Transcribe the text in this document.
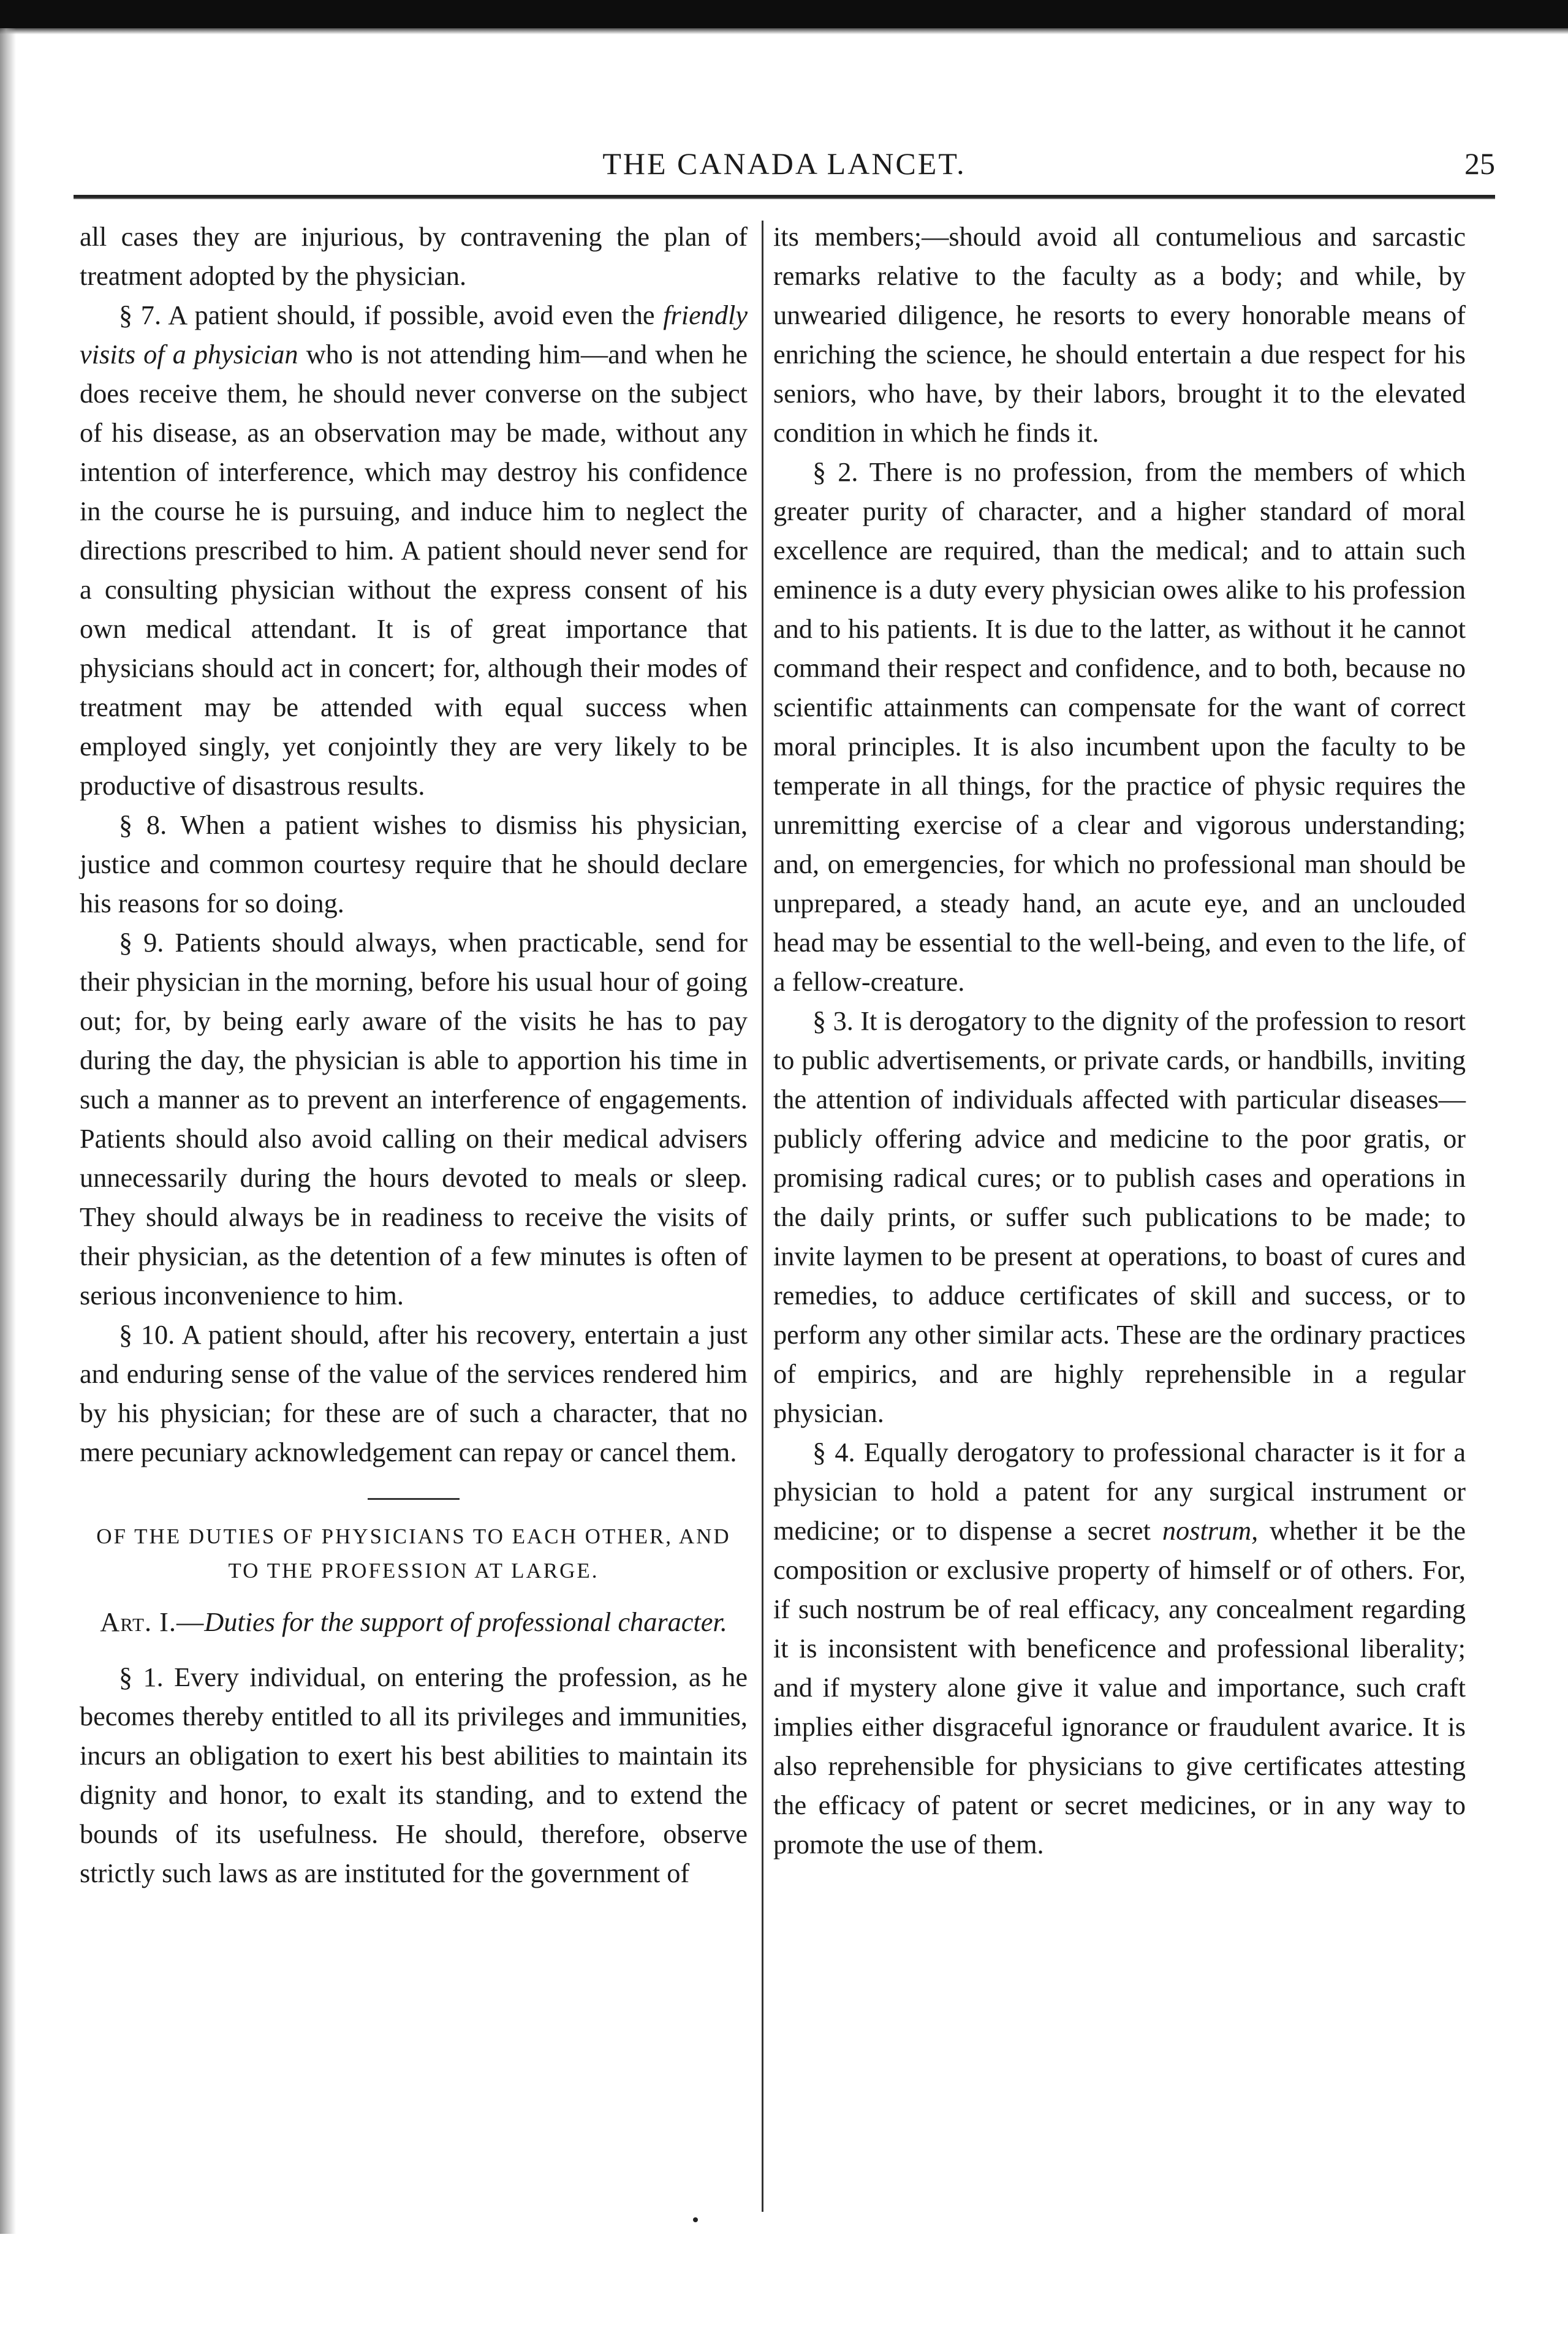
THE CANADA LANCET.	25

all cases they are injurious, by contravening the plan of treatment adopted by the physician.

§ 7. A patient should, if possible, avoid even the friendly visits of a physician who is not attending him—and when he does receive them, he should never converse on the subject of his disease, as an observation may be made, without any intention of interference, which may destroy his confidence in the course he is pursuing, and induce him to neglect the directions prescribed to him. A patient should never send for a consulting physician without the express consent of his own medical attendant. It is of great importance that physicians should act in concert; for, although their modes of treatment may be attended with equal success when employed singly, yet conjointly they are very likely to be productive of disastrous results.

§ 8. When a patient wishes to dismiss his physician, justice and common courtesy require that he should declare his reasons for so doing.

§ 9. Patients should always, when practicable, send for their physician in the morning, before his usual hour of going out; for, by being early aware of the visits he has to pay during the day, the physician is able to apportion his time in such a manner as to prevent an interference of engagements. Patients should also avoid calling on their medical advisers unnecessarily during the hours devoted to meals or sleep. They should always be in readiness to receive the visits of their physician, as the detention of a few minutes is often of serious inconvenience to him.

§ 10. A patient should, after his recovery, entertain a just and enduring sense of the value of the services rendered him by his physician; for these are of such a character, that no mere pecuniary acknowledgement can repay or cancel them.

OF THE DUTIES OF PHYSICIANS TO EACH OTHER, AND TO THE PROFESSION AT LARGE.
Art. I.—Duties for the support of professional character.

§ 1. Every individual, on entering the profession, as he becomes thereby entitled to all its privileges and immunities, incurs an obligation to exert his best abilities to maintain its dignity and honor, to exalt its standing, and to extend the bounds of its usefulness. He should, therefore, observe strictly such laws as are instituted for the government of

its members;—should avoid all contumelious and sarcastic remarks relative to the faculty as a body; and while, by unwearied diligence, he resorts to every honorable means of enriching the science, he should entertain a due respect for his seniors, who have, by their labors, brought it to the elevated condition in which he finds it.

§ 2. There is no profession, from the members of which greater purity of character, and a higher standard of moral excellence are required, than the medical; and to attain such eminence is a duty every physician owes alike to his profession and to his patients. It is due to the latter, as without it he cannot command their respect and confidence, and to both, because no scientific attainments can compensate for the want of correct moral principles. It is also incumbent upon the faculty to be temperate in all things, for the practice of physic requires the unremitting exercise of a clear and vigorous understanding; and, on emergencies, for which no professional man should be unprepared, a steady hand, an acute eye, and an unclouded head may be essential to the well-being, and even to the life, of a fellow-creature.

§ 3. It is derogatory to the dignity of the profession to resort to public advertisements, or private cards, or handbills, inviting the attention of individuals affected with particular diseases—publicly offering advice and medicine to the poor gratis, or promising radical cures; or to publish cases and operations in the daily prints, or suffer such publications to be made; to invite laymen to be present at operations, to boast of cures and remedies, to adduce certificates of skill and success, or to perform any other similar acts. These are the ordinary practices of empirics, and are highly reprehensible in a regular physician.

§ 4. Equally derogatory to professional character is it for a physician to hold a patent for any surgical instrument or medicine; or to dispense a secret nostrum, whether it be the composition or exclusive property of himself or of others. For, if such nostrum be of real efficacy, any concealment regarding it is inconsistent with beneficence and professional liberality; and if mystery alone give it value and importance, such craft implies either disgraceful ignorance or fraudulent avarice. It is also reprehensible for physicians to give certificates attesting the efficacy of patent or secret medicines, or in any way to promote the use of them.
